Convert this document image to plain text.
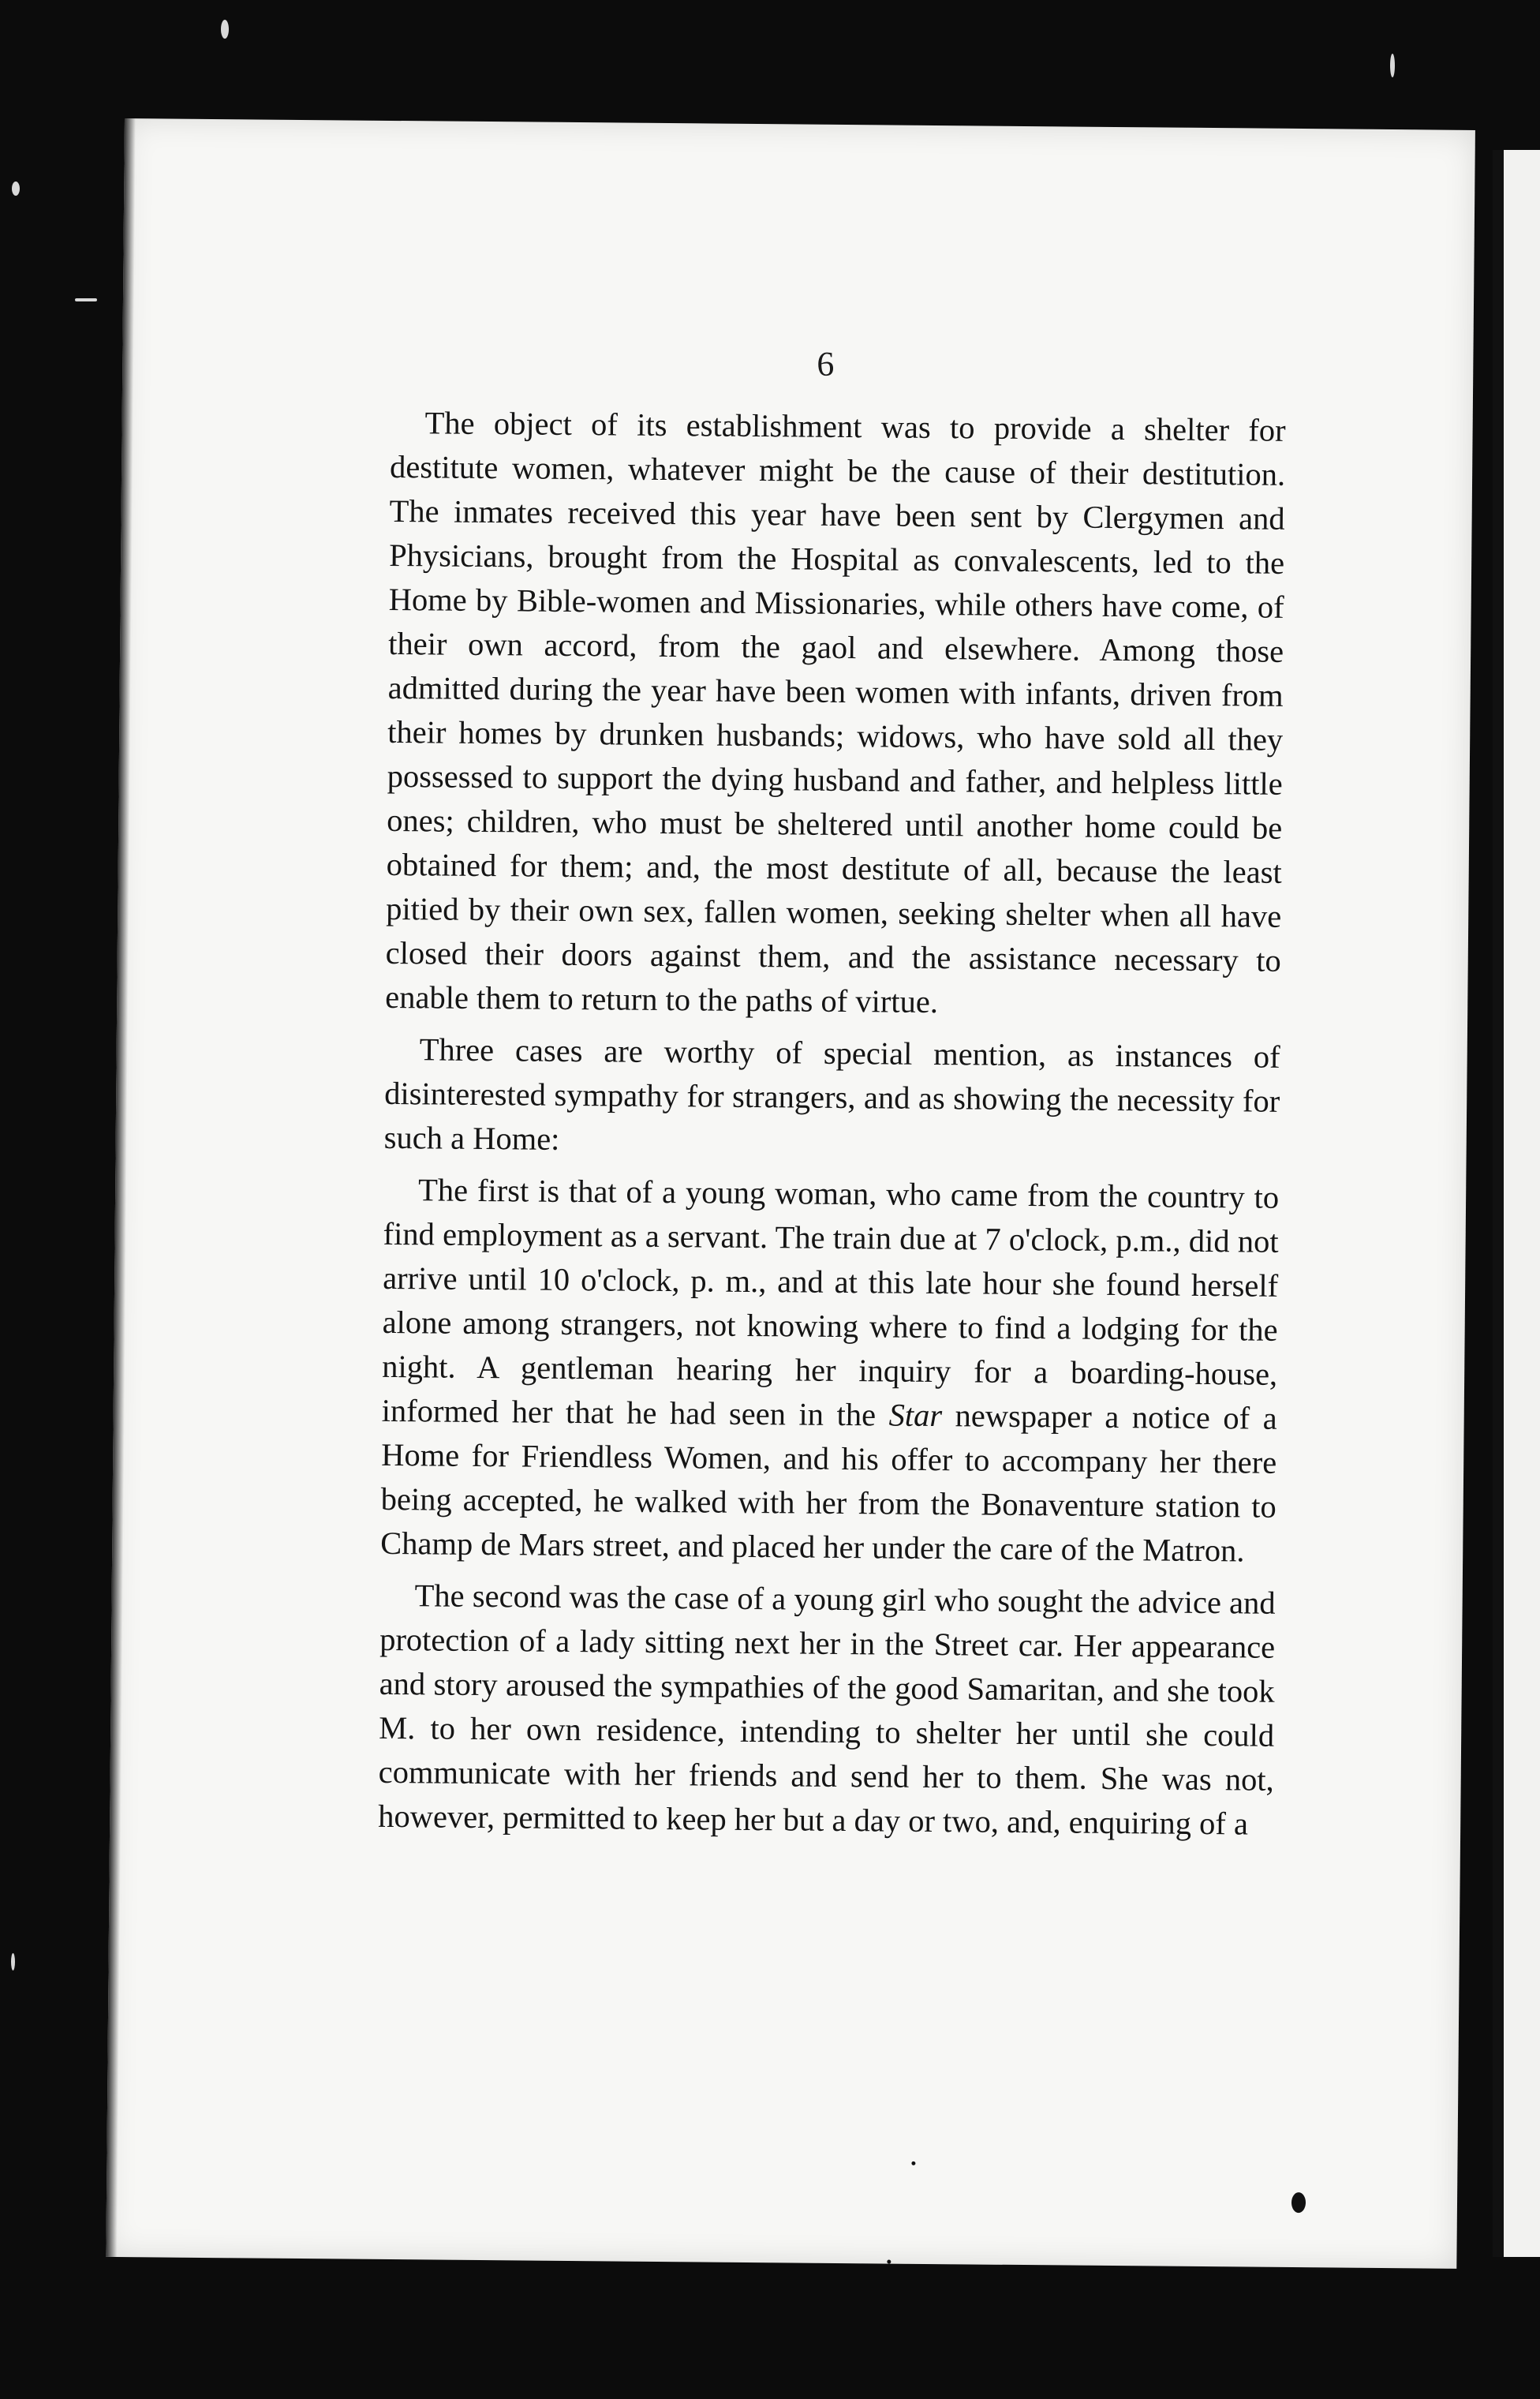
6

The object of its establishment was to provide a shelter for destitute women, whatever might be the cause of their destitution. The inmates received this year have been sent by Clergymen and Physicians, brought from the Hospital as convalescents, led to the Home by Bible-women and Missionaries, while others have come, of their own accord, from the gaol and elsewhere. Among those admitted during the year have been women with infants, driven from their homes by drunken husbands; widows, who have sold all they possessed to support the dying husband and father, and helpless little ones; children, who must be sheltered until another home could be obtained for them; and, the most destitute of all, because the least pitied by their own sex, fallen women, seeking shelter when all have closed their doors against them, and the assistance necessary to enable them to return to the paths of virtue.

Three cases are worthy of special mention, as instances of disinterested sympathy for strangers, and as showing the necessity for such a Home:

The first is that of a young woman, who came from the country to find employment as a servant. The train due at 7 o'clock, p.m., did not arrive until 10 o'clock, p. m., and at this late hour she found herself alone among strangers, not knowing where to find a lodging for the night. A gentleman hearing her inquiry for a boarding-house, informed her that he had seen in the Star newspaper a notice of a Home for Friendless Women, and his offer to accompany her there being accepted, he walked with her from the Bonaventure station to Champ de Mars street, and placed her under the care of the Matron.

The second was the case of a young girl who sought the advice and protection of a lady sitting next her in the Street car. Her appearance and story aroused the sympathies of the good Samaritan, and she took M. to her own residence, intending to shelter her until she could communicate with her friends and send her to them. She was not, however, permitted to keep her but a day or two, and, enquiring of a
